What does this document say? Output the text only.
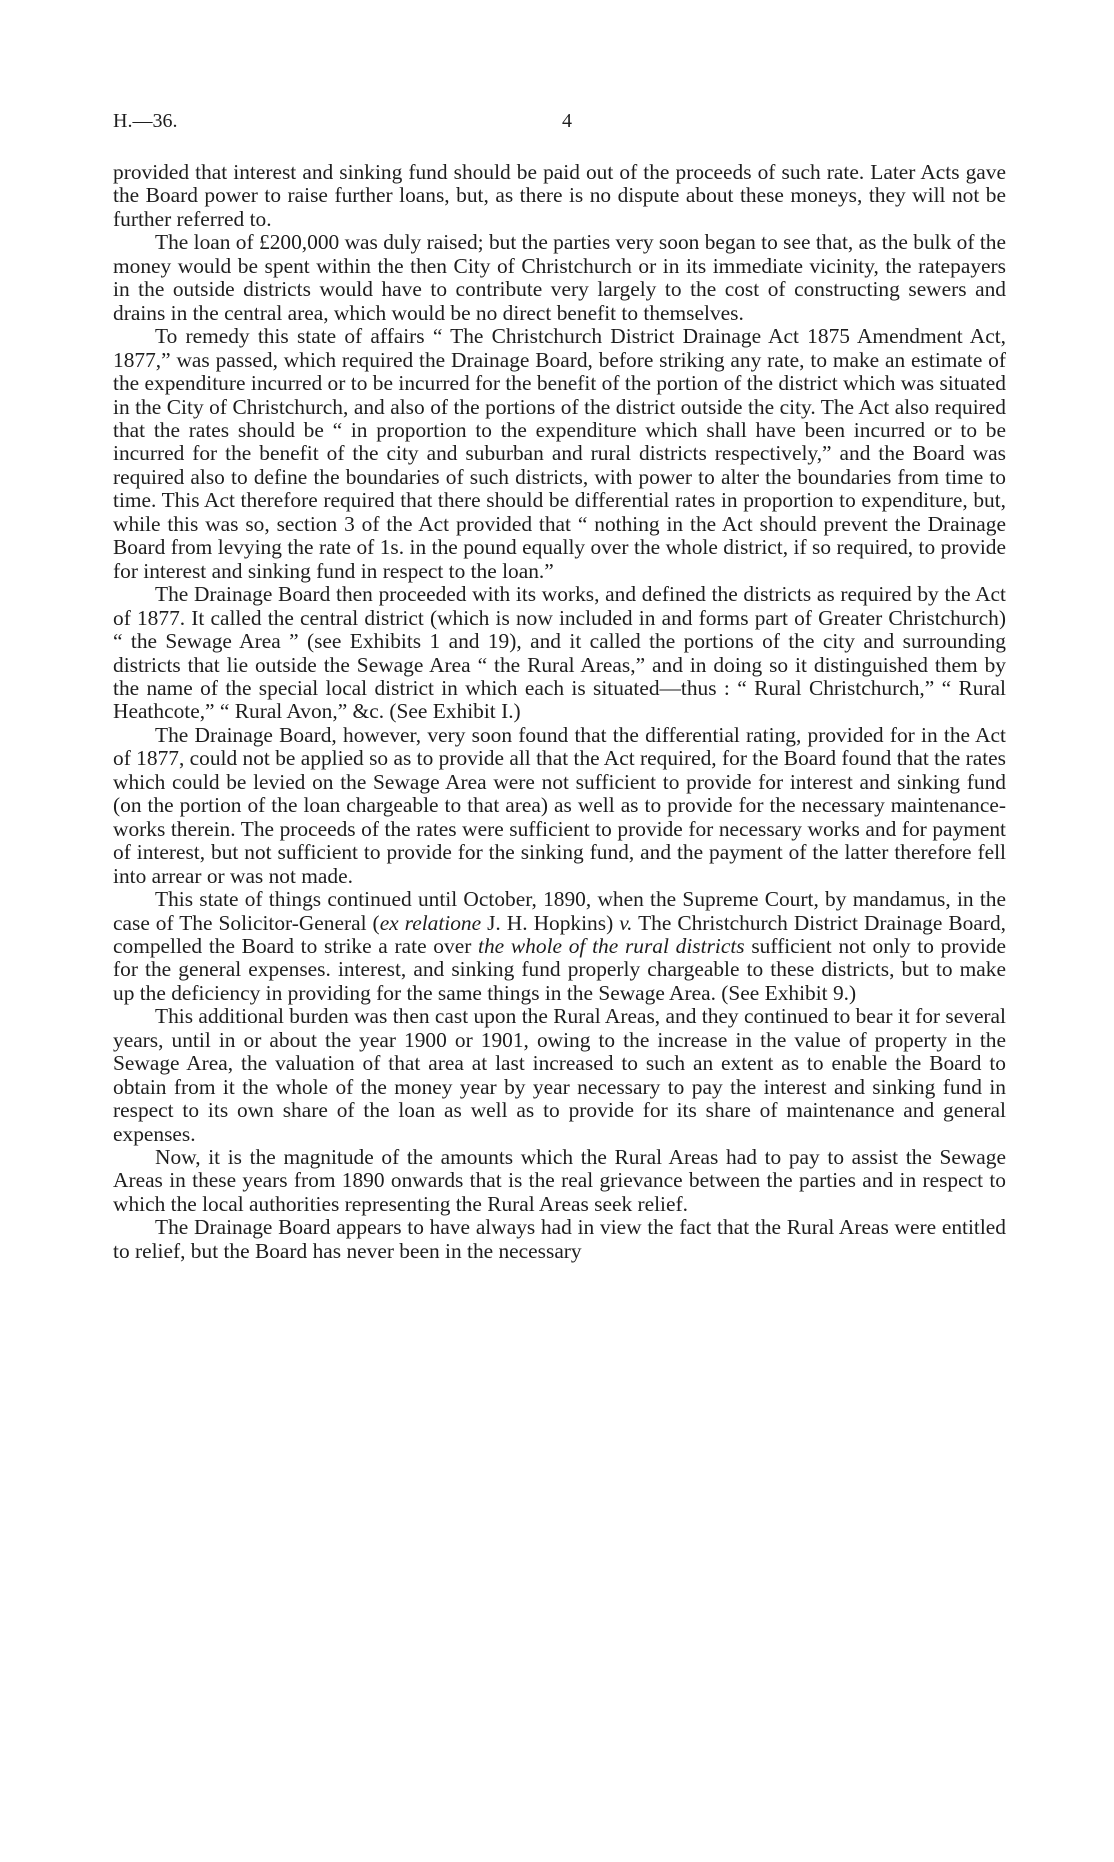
H.—36.	4

provided that interest and sinking fund should be paid out of the proceeds of such rate. Later Acts gave the Board power to raise further loans, but, as there is no dispute about these moneys, they will not be further referred to.

The loan of £200,000 was duly raised; but the parties very soon began to see that, as the bulk of the money would be spent within the then City of Christchurch or in its immediate vicinity, the ratepayers in the outside districts would have to contribute very largely to the cost of constructing sewers and drains in the central area, which would be no direct benefit to themselves.

To remedy this state of affairs “ The Christchurch District Drainage Act 1875 Amendment Act, 1877,” was passed, which required the Drainage Board, before striking any rate, to make an estimate of the expenditure incurred or to be incurred for the benefit of the portion of the district which was situated in the City of Christchurch, and also of the portions of the district outside the city. The Act also required that the rates should be “ in proportion to the expenditure which shall have been incurred or to be incurred for the benefit of the city and suburban and rural districts respectively,” and the Board was required also to define the boundaries of such districts, with power to alter the boundaries from time to time. This Act therefore required that there should be differential rates in proportion to expenditure, but, while this was so, section 3 of the Act provided that “ nothing in the Act should prevent the Drainage Board from levying the rate of 1s. in the pound equally over the whole district, if so required, to provide for interest and sinking fund in respect to the loan.”

The Drainage Board then proceeded with its works, and defined the districts as required by the Act of 1877. It called the central district (which is now included in and forms part of Greater Christchurch) “ the Sewage Area ” (see Exhibits 1 and 19), and it called the portions of the city and surrounding districts that lie outside the Sewage Area “ the Rural Areas,” and in doing so it distinguished them by the name of the special local district in which each is situated—thus : “ Rural Christchurch,” “ Rural Heathcote,” “ Rural Avon,” &c. (See Exhibit I.)

The Drainage Board, however, very soon found that the differential rating, provided for in the Act of 1877, could not be applied so as to provide all that the Act required, for the Board found that the rates which could be levied on the Sewage Area were not sufficient to provide for interest and sinking fund (on the portion of the loan chargeable to that area) as well as to provide for the necessary maintenance-works therein. The proceeds of the rates were sufficient to provide for necessary works and for payment of interest, but not sufficient to provide for the sinking fund, and the payment of the latter therefore fell into arrear or was not made.

This state of things continued until October, 1890, when the Supreme Court, by mandamus, in the case of The Solicitor-General (ex relatione J. H. Hopkins) v. The Christchurch District Drainage Board, compelled the Board to strike a rate over the whole of the rural districts sufficient not only to provide for the general expenses. interest, and sinking fund properly chargeable to these districts, but to make up the deficiency in providing for the same things in the Sewage Area. (See Exhibit 9.)

This additional burden was then cast upon the Rural Areas, and they continued to bear it for several years, until in or about the year 1900 or 1901, owing to the increase in the value of property in the Sewage Area, the valuation of that area at last increased to such an extent as to enable the Board to obtain from it the whole of the money year by year necessary to pay the interest and sinking fund in respect to its own share of the loan as well as to provide for its share of maintenance and general expenses.

Now, it is the magnitude of the amounts which the Rural Areas had to pay to assist the Sewage Areas in these years from 1890 onwards that is the real grievance between the parties and in respect to which the local authorities representing the Rural Areas seek relief.

The Drainage Board appears to have always had in view the fact that the Rural Areas were entitled to relief, but the Board has never been in the necessary
